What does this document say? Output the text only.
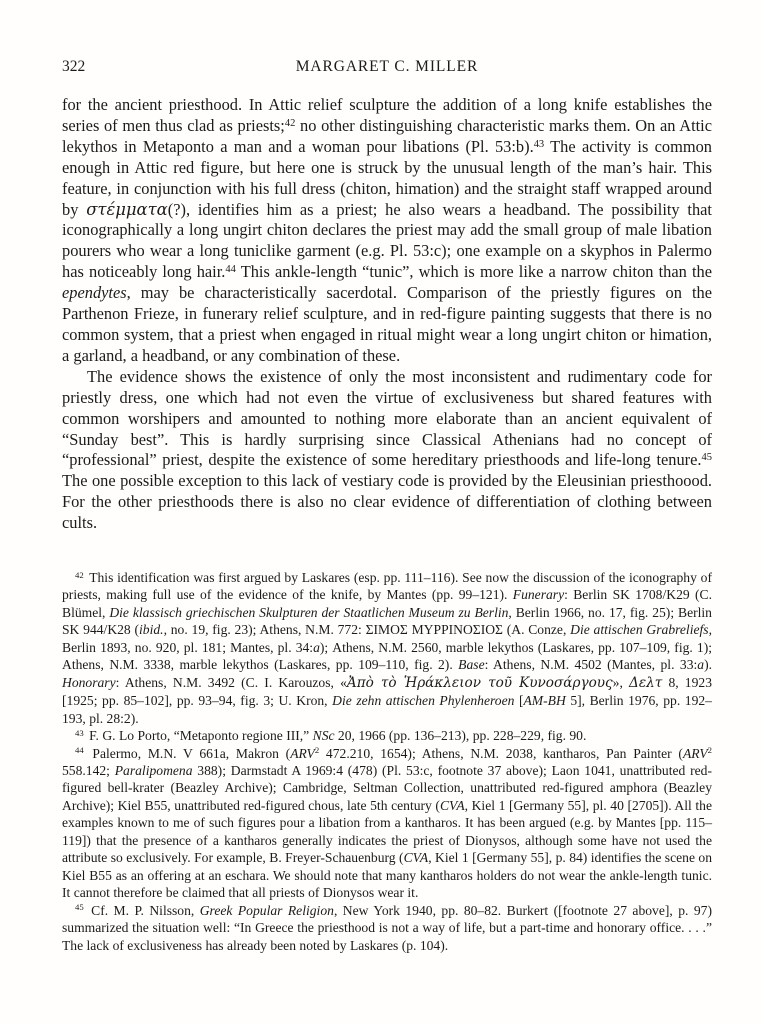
322	MARGARET C. MILLER

for the ancient priesthood. In Attic relief sculpture the addition of a long knife establishes the series of men thus clad as priests;$^{42}$ no other distinguishing characteristic marks them. On an Attic lekythos in Metaponto a man and a woman pour libations (Pl. 53:b).$^{43}$ The activity is common enough in Attic red figure, but here one is struck by the unusual length of the man’s hair. This feature, in conjunction with his full dress (chiton, himation) and the straight staff wrapped around by στέμματα(?), identifies him as a priest; he also wears a headband. The possibility that iconographically a long ungirt chiton declares the priest may add the small group of male libation pourers who wear a long tuniclike garment (e.g. Pl. 53:c); one example on a skyphos in Palermo has noticeably long hair.$^{44}$ This ankle-length “tunic”, which is more like a narrow chiton than the ependytes, may be characteristically sacerdotal. Comparison of the priestly figures on the Parthenon Frieze, in funerary relief sculpture, and in red-figure painting suggests that there is no common system, that a priest when engaged in ritual might wear a long ungirt chiton or himation, a garland, a headband, or any combination of these.

The evidence shows the existence of only the most inconsistent and rudimentary code for priestly dress, one which had not even the virtue of exclusiveness but shared features with common worshipers and amounted to nothing more elaborate than an ancient equivalent of “Sunday best”. This is hardly surprising since Classical Athenians had no concept of “professional” priest, despite the existence of some hereditary priesthoods and life-long tenure.$^{45}$ The one possible exception to this lack of vestiary code is provided by the Eleusinian priesthoood. For the other priesthoods there is also no clear evidence of differentiation of clothing between cults.

$^{42}$ This identification was first argued by Laskares (esp. pp. 111–116). See now the discussion of the iconography of priests, making full use of the evidence of the knife, by Mantes (pp. 99–121). Funerary: Berlin SK 1708/K29 (C. Blümel, Die klassisch griechischen Skulpturen der Staatlichen Museum zu Berlin, Berlin 1966, no. 17, fig. 25); Berlin SK 944/K28 (ibid., no. 19, fig. 23); Athens, N.M. 772: ΣΙΜΟΣ ΜΥΡΡΙΝΟΣΙΟΣ (A. Conze, Die attischen Grabreliefs, Berlin 1893, no. 920, pl. 181; Mantes, pl. 34:a); Athens, N.M. 2560, marble lekythos (Laskares, pp. 107–109, fig. 1); Athens, N.M. 3338, marble lekythos (Laskares, pp. 109–110, fig. 2). Base: Athens, N.M. 4502 (Mantes, pl. 33:a). Honorary: Athens, N.M. 3492 (C. I. Karouzos, «Ἀπὸ τὸ Ἡράκλειον τοῦ Κυνοσάργους», Δελτ 8, 1923 [1925; pp. 85–102], pp. 93–94, fig. 3; U. Kron, Die zehn attischen Phylenheroen [AM-BH 5], Berlin 1976, pp. 192–193, pl. 28:2).

$^{43}$ F. G. Lo Porto, “Metaponto regione III,” NSc 20, 1966 (pp. 136–213), pp. 228–229, fig. 90.

$^{44}$ Palermo, M.N. V 661a, Makron (ARV$^2$ 472.210, 1654); Athens, N.M. 2038, kantharos, Pan Painter (ARV$^2$ 558.142; Paralipomena 388); Darmstadt A 1969:4 (478) (Pl. 53:c, footnote 37 above); Laon 1041, unattributed red-figured bell-krater (Beazley Archive); Cambridge, Seltman Collection, unattributed red-figured amphora (Beazley Archive); Kiel B55, unattributed red-figured chous, late 5th century (CVA, Kiel 1 [Germany 55], pl. 40 [2705]). All the examples known to me of such figures pour a libation from a kantharos. It has been argued (e.g. by Mantes [pp. 115–119]) that the presence of a kantharos generally indicates the priest of Dionysos, although some have not used the attribute so exclusively. For example, B. Freyer-Schauenburg (CVA, Kiel 1 [Germany 55], p. 84) identifies the scene on Kiel B55 as an offering at an eschara. We should note that many kantharos holders do not wear the ankle-length tunic. It cannot therefore be claimed that all priests of Dionysos wear it.

$^{45}$ Cf. M. P. Nilsson, Greek Popular Religion, New York 1940, pp. 80–82. Burkert ([footnote 27 above], p. 97) summarized the situation well: “In Greece the priesthood is not a way of life, but a part-time and honorary office. . . .” The lack of exclusiveness has already been noted by Laskares (p. 104).
